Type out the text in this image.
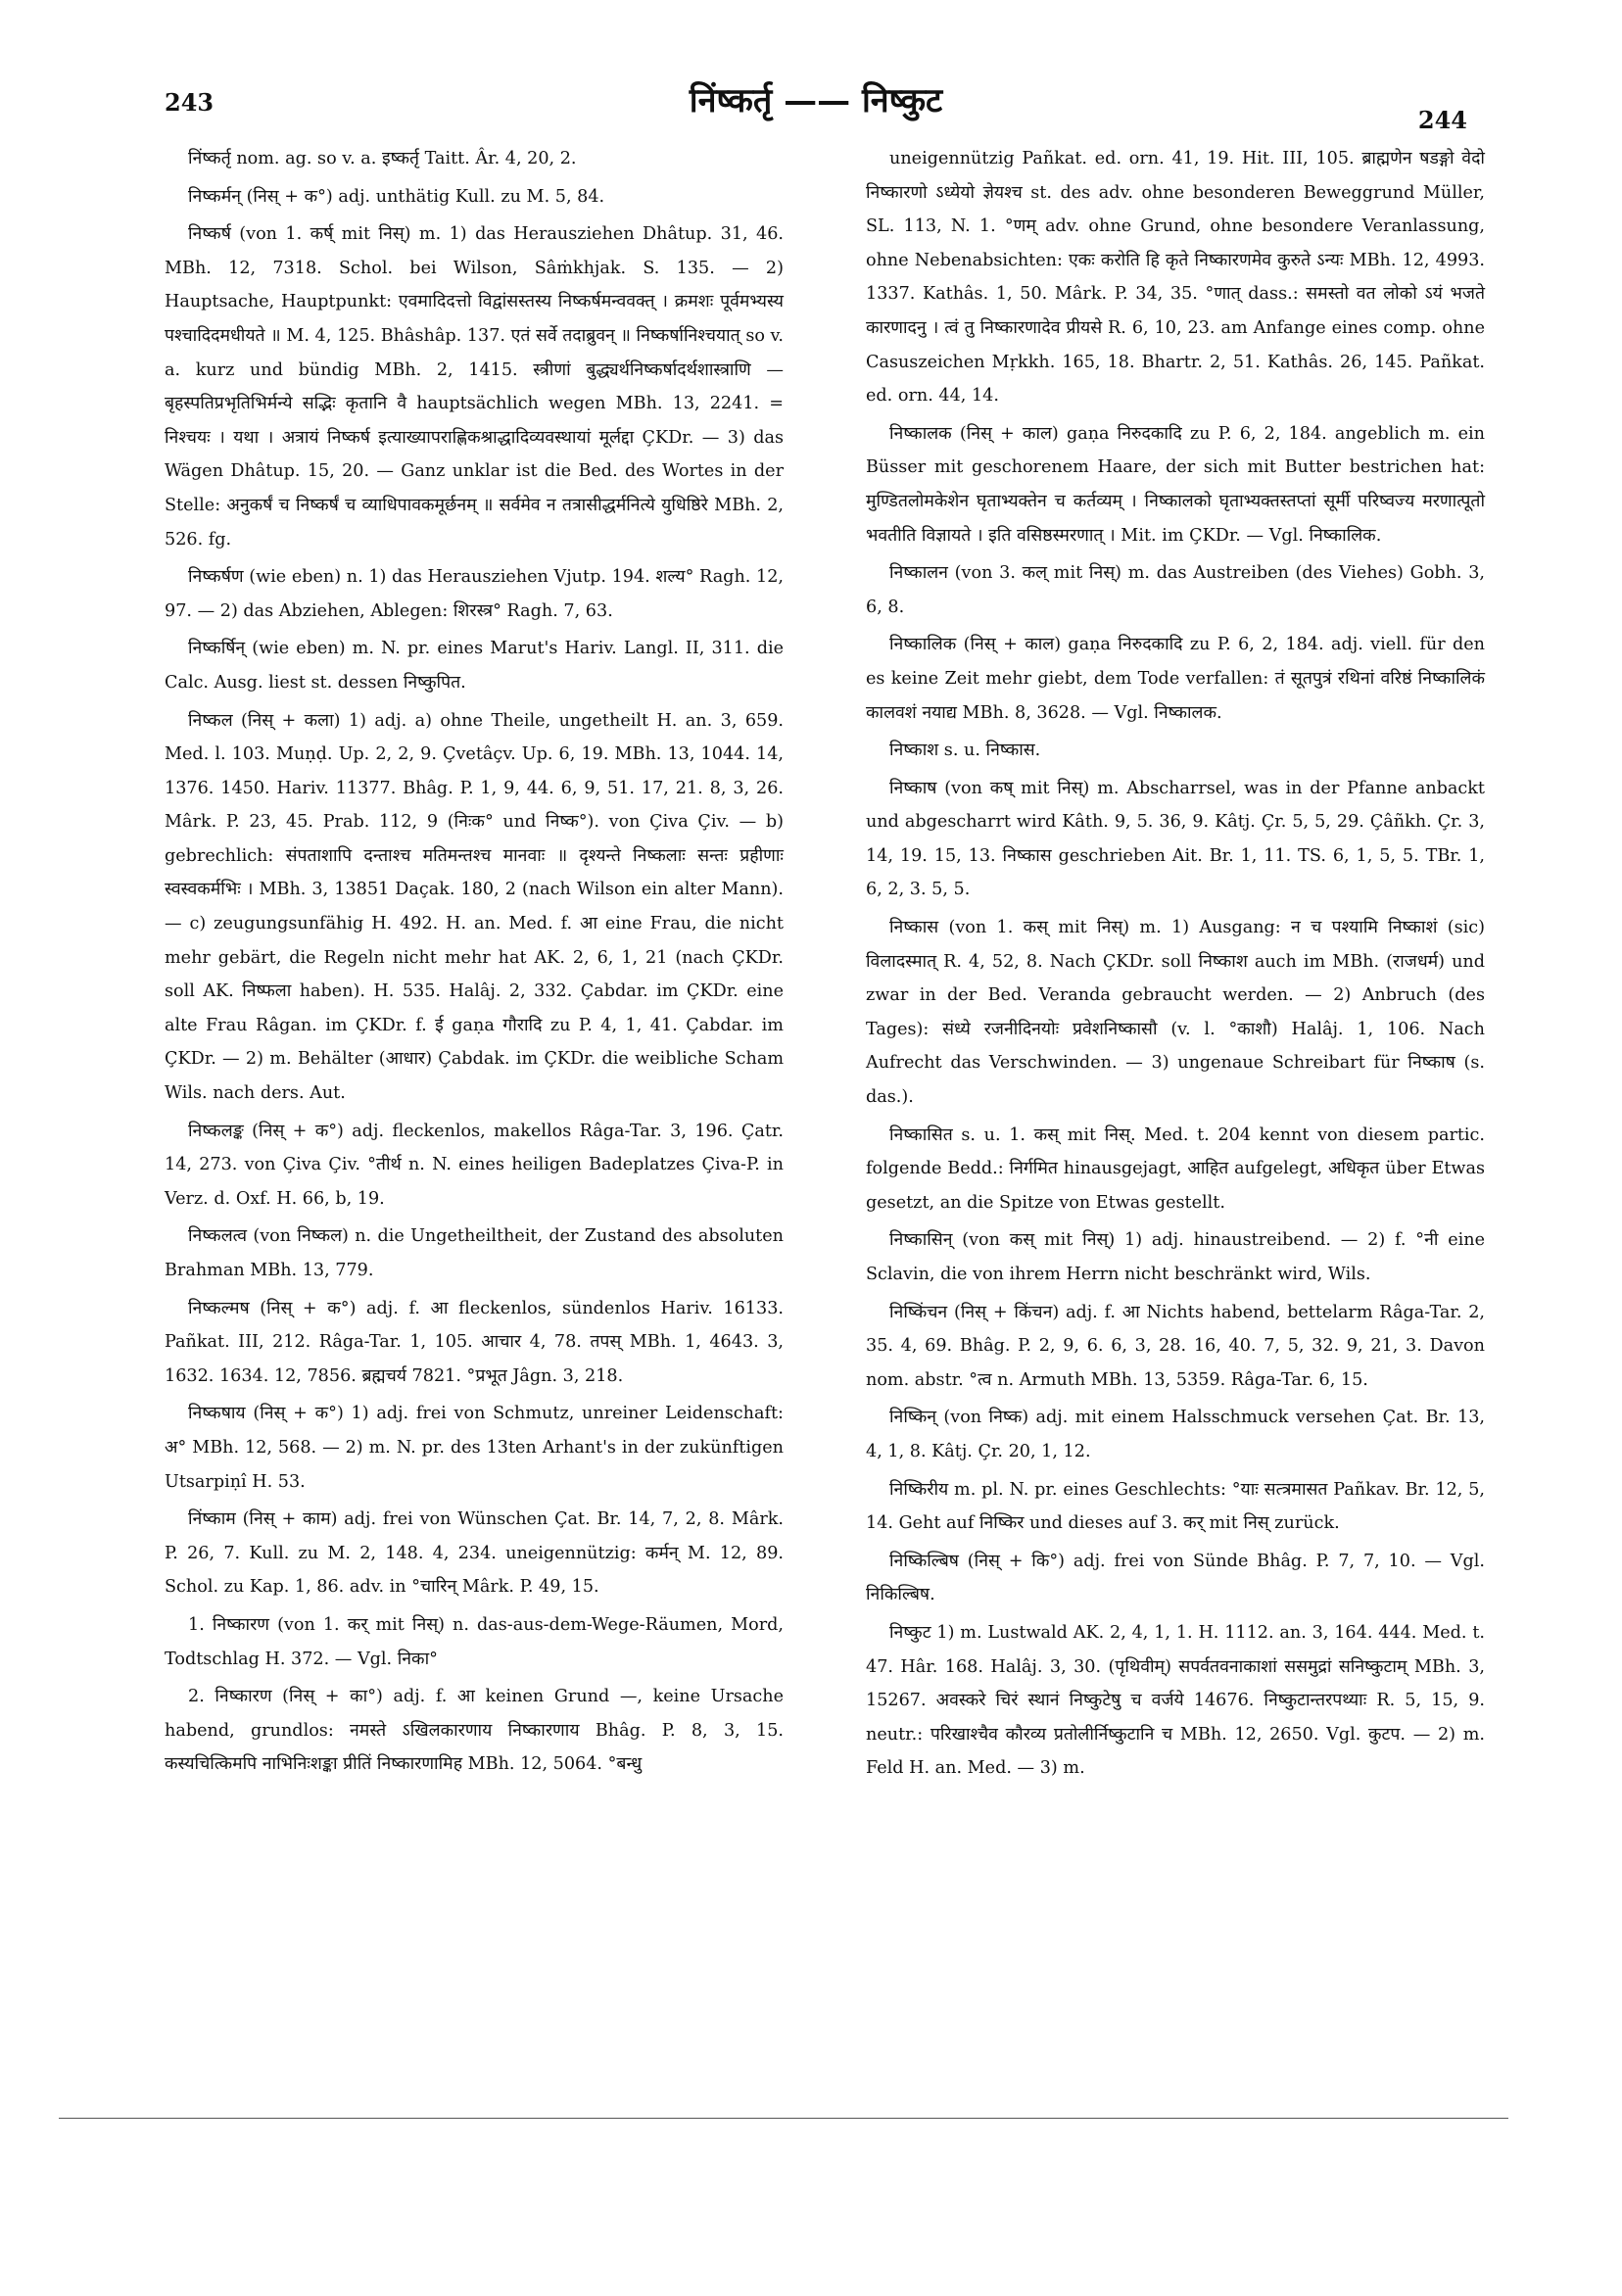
243	निंष्कर्तृ —— निष्कुट	244

निंष्कर्तृ nom. ag. so v. a. इष्कर्तृ Taitt. Âr. 4, 20, 2.

निष्कर्मन् (निस् + क°) adj. unthätig Kull. zu M. 5, 84.

निष्कर्ष (von 1. कर्ष् mit निस्) m. 1) das Herausziehen Dhâtup. 31, 46. MBh. 12, 7318. Schol. bei Wilson, Sâṁkhjak. S. 135. — 2) Hauptsache, Hauptpunkt: एवमादिदत्तो विद्वांसस्तस्य निष्कर्षमन्ववक्त् । क्रमशः पूर्वमभ्यस्य पश्चादिदमधीयते ॥ M. 4, 125. Bhâshâp. 137. एतं सर्वे तदाब्रुवन् ॥ निष्कर्षानिश्चयात् so v. a. kurz und bündig MBh. 2, 1415. स्त्रीणां बुद्ध्यर्थनिष्कर्षादर्थशास्त्राणि — बृहस्पतिप्रभृतिभिर्मन्ये सद्भिः कृतानि वै hauptsächlich wegen MBh. 13, 2241. = निश्चयः । यथा । अत्रायं निष्कर्ष इत्याख्यापराह्णिकश्राद्धादिव्यवस्थायां मूर्लद्दा ÇKDr. — 3) das Wägen Dhâtup. 15, 20. — Ganz unklar ist die Bed. des Wortes in der Stelle: अनुकर्षं च निष्कर्षं च व्याधिपावकमूर्छनम् ॥ सर्वमेव न तत्रासीद्धर्मनित्ये युधिष्ठिरे MBh. 2, 526. fg.

निष्कर्षण (wie eben) n. 1) das Herausziehen Vjutp. 194. शल्य° Ragh. 12, 97. — 2) das Abziehen, Ablegen: शिरस्त्र° Ragh. 7, 63.

निष्कर्षिन् (wie eben) m. N. pr. eines Marut's Hariv. Langl. II, 311. die Calc. Ausg. liest st. dessen निष्कुपित.

निष्कल (निस् + कला) 1) adj. a) ohne Theile, ungetheilt H. an. 3, 659. Med. l. 103. Muṇḍ. Up. 2, 2, 9. Çvetâçv. Up. 6, 19. MBh. 13, 1044. 14, 1376. 1450. Hariv. 11377. Bhâg. P. 1, 9, 44. 6, 9, 51. 17, 21. 8, 3, 26. Mârk. P. 23, 45. Prab. 112, 9 (निःक° und निष्क°). von Çiva Çiv. — b) gebrechlich: संपताशापि दन्ताश्च मतिमन्तश्च मानवाः ॥ दृश्यन्ते निष्कलाः सन्तः प्रहीणाः स्वस्वकर्मभिः । MBh. 3, 13851 Daçak. 180, 2 (nach Wilson ein alter Mann). — c) zeugungsunfähig H. 492. H. an. Med. f. आ eine Frau, die nicht mehr gebärt, die Regeln nicht mehr hat AK. 2, 6, 1, 21 (nach ÇKDr. soll AK. निष्फला haben). H. 535. Halâj. 2, 332. Çabdar. im ÇKDr. eine alte Frau Râgan. im ÇKDr. f. ई gaṇa गौरादि zu P. 4, 1, 41. Çabdar. im ÇKDr. — 2) m. Behälter (आधार) Çabdak. im ÇKDr. die weibliche Scham Wils. nach ders. Aut.

निष्कलङ्क (निस् + क°) adj. fleckenlos, makellos Râga-Tar. 3, 196. Çatr. 14, 273. von Çiva Çiv. °तीर्थ n. N. eines heiligen Badeplatzes Çiva-P. in Verz. d. Oxf. H. 66, b, 19.

निष्कलत्व (von निष्कल) n. die Ungetheiltheit, der Zustand des absoluten Brahman MBh. 13, 779.

निष्कल्मष (निस् + क°) adj. f. आ fleckenlos, sündenlos Hariv. 16133. Pañkat. III, 212. Râga-Tar. 1, 105. आचार 4, 78. तपस् MBh. 1, 4643. 3, 1632. 1634. 12, 7856. ब्रह्मचर्य 7821. °प्रभूत Jâgn. 3, 218.

निष्कषाय (निस् + क°) 1) adj. frei von Schmutz, unreiner Leidenschaft: अ° MBh. 12, 568. — 2) m. N. pr. des 13ten Arhant's in der zukünftigen Utsarpiṇî H. 53.

निंष्काम (निस् + काम) adj. frei von Wünschen Çat. Br. 14, 7, 2, 8. Mârk. P. 26, 7. Kull. zu M. 2, 148. 4, 234. uneigennützig: कर्मन् M. 12, 89. Schol. zu Kap. 1, 86. adv. in °चारिन् Mârk. P. 49, 15.

1. निष्कारण (von 1. कर् mit निस्) n. das-aus-dem-Wege-Räumen, Mord, Todtschlag H. 372. — Vgl. निका°

2. निष्कारण (निस् + का°) adj. f. आ keinen Grund —, keine Ursache habend, grundlos: नमस्ते ऽखिलकारणाय निष्कारणाय Bhâg. P. 8, 3, 15. कस्यचित्किमपि नाभिनिःशङ्का प्रीतिं निष्कारणामिह MBh. 12, 5064. °बन्धु

uneigennützig Pañkat. ed. orn. 41, 19. Hit. III, 105. ब्राह्मणेन षडङ्गो वेदो निष्कारणो ऽध्येयो ज्ञेयश्च st. des adv. ohne besonderen Beweggrund Müller, SL. 113, N. 1. °णम् adv. ohne Grund, ohne besondere Veranlassung, ohne Nebenabsichten: एकः करोति हि कृते निष्कारणमेव कुरुते ऽन्यः MBh. 12, 4993. 1337. Kathâs. 1, 50. Mârk. P. 34, 35. °णात् dass.: समस्तो वत लोको ऽयं भजते कारणादनु । त्वं तु निष्कारणादेव प्रीयसे R. 6, 10, 23. am Anfange eines comp. ohne Casuszeichen Mṛkkh. 165, 18. Bhartr. 2, 51. Kathâs. 26, 145. Pañkat. ed. orn. 44, 14.

निष्कालक (निस् + काल) gaṇa निरुदकादि zu P. 6, 2, 184. angeblich m. ein Büsser mit geschorenem Haare, der sich mit Butter bestrichen hat: मुण्डितलोमकेशेन घृताभ्यक्तेन च कर्तव्यम् । निष्कालको घृताभ्यक्तस्तप्तां सूर्मी परिष्वज्य मरणात्पूतो भवतीति विज्ञायते । इति वसिष्ठस्मरणात् । Mit. im ÇKDr. — Vgl. निष्कालिक.

निष्कालन (von 3. कल् mit निस्) m. das Austreiben (des Viehes) Gobh. 3, 6, 8.

निष्कालिक (निस् + काल) gaṇa निरुदकादि zu P. 6, 2, 184. adj. viell. für den es keine Zeit mehr giebt, dem Tode verfallen: तं सूतपुत्रं रथिनां वरिष्ठं निष्कालिकं कालवशं नयाद्य MBh. 8, 3628. — Vgl. निष्कालक.

निष्काश s. u. निष्कास.

निष्काष (von कष् mit निस्) m. Abscharrsel, was in der Pfanne anbackt und abgescharrt wird Kâth. 9, 5. 36, 9. Kâtj. Çr. 5, 5, 29. Çâñkh. Çr. 3, 14, 19. 15, 13. निष्कास geschrieben Ait. Br. 1, 11. TS. 6, 1, 5, 5. TBr. 1, 6, 2, 3. 5, 5.

निष्कास (von 1. कस् mit निस्) m. 1) Ausgang: न च पश्यामि निष्काशं (sic) विलादस्मात् R. 4, 52, 8. Nach ÇKDr. soll निष्काश auch im MBh. (राजधर्म) und zwar in der Bed. Veranda gebraucht werden. — 2) Anbruch (des Tages): संध्ये रजनीदिनयोः प्रवेशनिष्कासौ (v. l. °काशौ) Halâj. 1, 106. Nach Aufrecht das Verschwinden. — 3) ungenaue Schreibart für निष्काष (s. das.).

निष्कासित s. u. 1. कस् mit निस्. Med. t. 204 kennt von diesem partic. folgende Bedd.: निर्गमित hinausgejagt, आहित aufgelegt, अधिकृत über Etwas gesetzt, an die Spitze von Etwas gestellt.

निष्कासिन् (von कस् mit निस्) 1) adj. hinaustreibend. — 2) f. °नी eine Sclavin, die von ihrem Herrn nicht beschränkt wird, Wils.

निष्किंचन (निस् + किंचन) adj. f. आ Nichts habend, bettelarm Râga-Tar. 2, 35. 4, 69. Bhâg. P. 2, 9, 6. 6, 3, 28. 16, 40. 7, 5, 32. 9, 21, 3. Davon nom. abstr. °त्व n. Armuth MBh. 13, 5359. Râga-Tar. 6, 15.

निष्किन् (von निष्क) adj. mit einem Halsschmuck versehen Çat. Br. 13, 4, 1, 8. Kâtj. Çr. 20, 1, 12.

निष्किरीय m. pl. N. pr. eines Geschlechts: °याः सत्त्रमासत Pañkav. Br. 12, 5, 14. Geht auf निष्किर und dieses auf 3. कर् mit निस् zurück.

निष्किल्बिष (निस् + कि°) adj. frei von Sünde Bhâg. P. 7, 7, 10. — Vgl. निकिल्बिष.

निष्कुट 1) m. Lustwald AK. 2, 4, 1, 1. H. 1112. an. 3, 164. 444. Med. t. 47. Hâr. 168. Halâj. 3, 30. (पृथिवीम्) सपर्वतवनाकाशां ससमुद्रां सनिष्कुटाम् MBh. 3, 15267. अवस्करे चिरं स्थानं निष्कुटेषु च वर्जये 14676. निष्कुटान्तरपथ्याः R. 5, 15, 9. neutr.: परिखाश्चैव कौरव्य प्रतोलीर्निष्कुटानि च MBh. 12, 2650. Vgl. कुटप. — 2) m. Feld H. an. Med. — 3) m.
